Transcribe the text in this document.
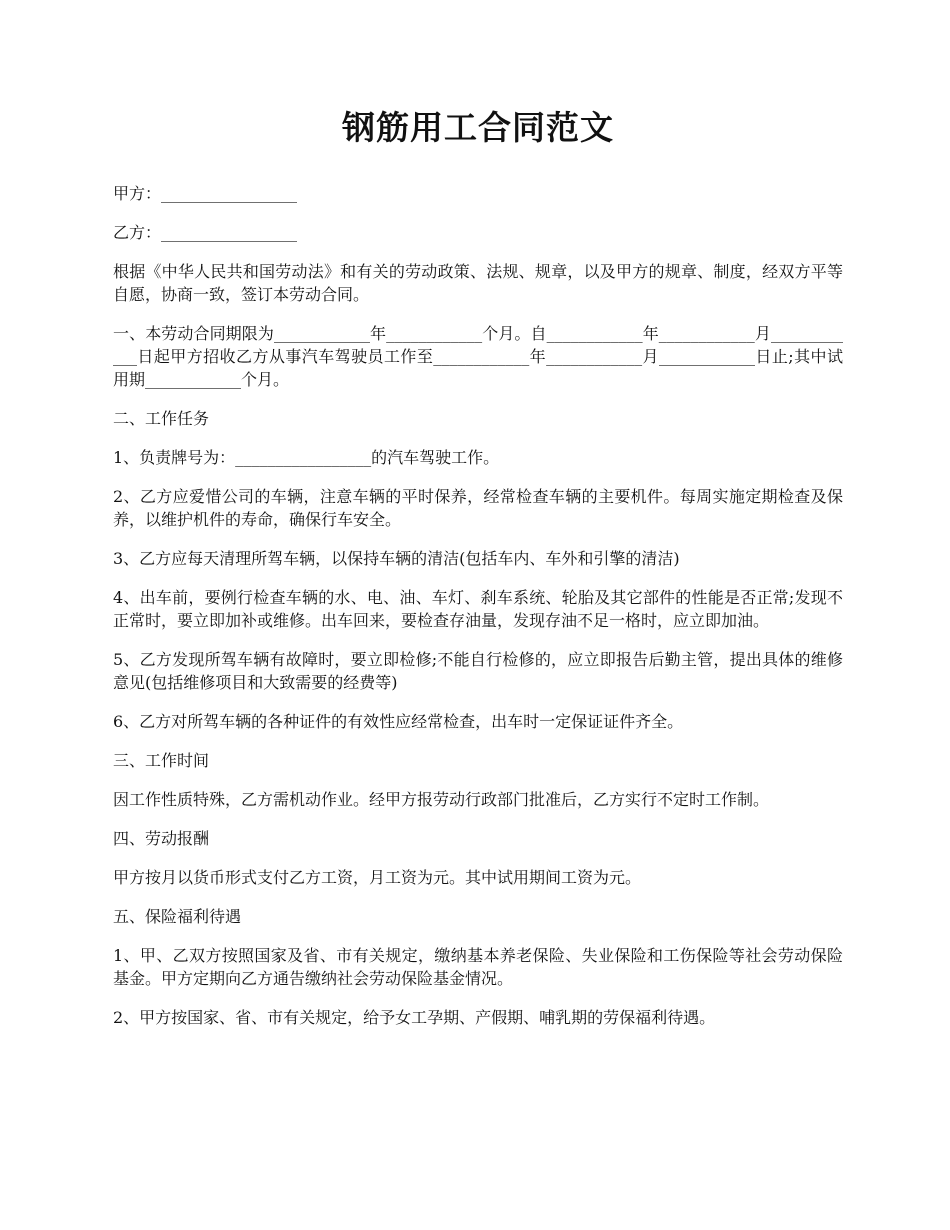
钢筋用工合同范文

甲方：_________________

乙方：_________________

根据《中华人民共和国劳动法》和有关的劳动政策、法规、规章，以及甲方的规章、制度，经双方平等自愿，协商一致，签订本劳动合同。

一、本劳动合同期限为____________年____________个月。自____________年____________月____________日起甲方招收乙方从事汽车驾驶员工作至____________年____________月____________日止;其中试用期____________个月。

二、工作任务

1、负责牌号为：_________________的汽车驾驶工作。

2、乙方应爱惜公司的车辆，注意车辆的平时保养，经常检查车辆的主要机件。每周实施定期检查及保养，以维护机件的寿命，确保行车安全。

3、乙方应每天清理所驾车辆，以保持车辆的清洁(包括车内、车外和引擎的清洁)

4、出车前，要例行检查车辆的水、电、油、车灯、刹车系统、轮胎及其它部件的性能是否正常;发现不正常时，要立即加补或维修。出车回来，要检查存油量，发现存油不足一格时，应立即加油。

5、乙方发现所驾车辆有故障时，要立即检修;不能自行检修的，应立即报告后勤主管，提出具体的维修意见(包括维修项目和大致需要的经费等)

6、乙方对所驾车辆的各种证件的有效性应经常检查，出车时一定保证证件齐全。

三、工作时间

因工作性质特殊，乙方需机动作业。经甲方报劳动行政部门批准后，乙方实行不定时工作制。

四、劳动报酬

甲方按月以货币形式支付乙方工资，月工资为元。其中试用期间工资为元。

五、保险福利待遇

1、甲、乙双方按照国家及省、市有关规定，缴纳基本养老保险、失业保险和工伤保险等社会劳动保险基金。甲方定期向乙方通告缴纳社会劳动保险基金情况。

2、甲方按国家、省、市有关规定，给予女工孕期、产假期、哺乳期的劳保福利待遇。
